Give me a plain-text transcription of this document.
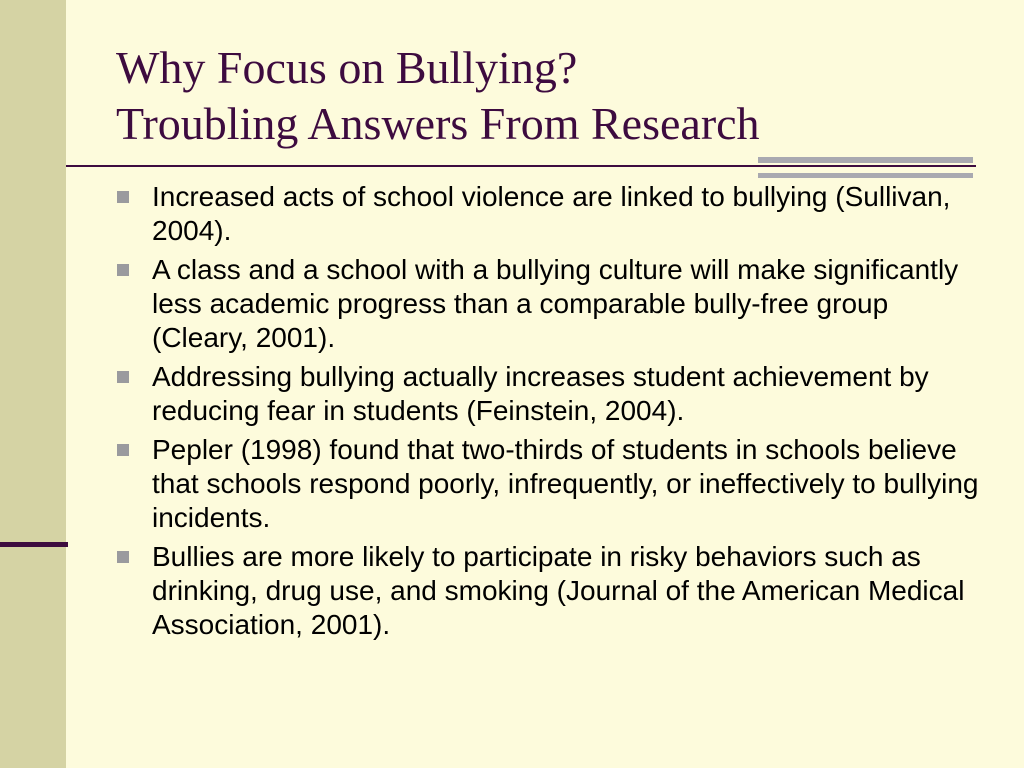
Why Focus on Bullying?
Troubling Answers From Research
Increased acts of school violence are linked to bullying (Sullivan, 2004).
A class and a school with a bullying culture will make significantly less academic progress than a comparable bully-free group (Cleary, 2001).
Addressing bullying actually increases student achievement by reducing fear in students (Feinstein, 2004).
Pepler (1998) found that two-thirds of students in schools believe that schools respond poorly, infrequently, or ineffectively to bullying incidents.
Bullies are more likely to participate in risky behaviors such as drinking, drug use, and smoking (Journal of the American Medical Association, 2001).
